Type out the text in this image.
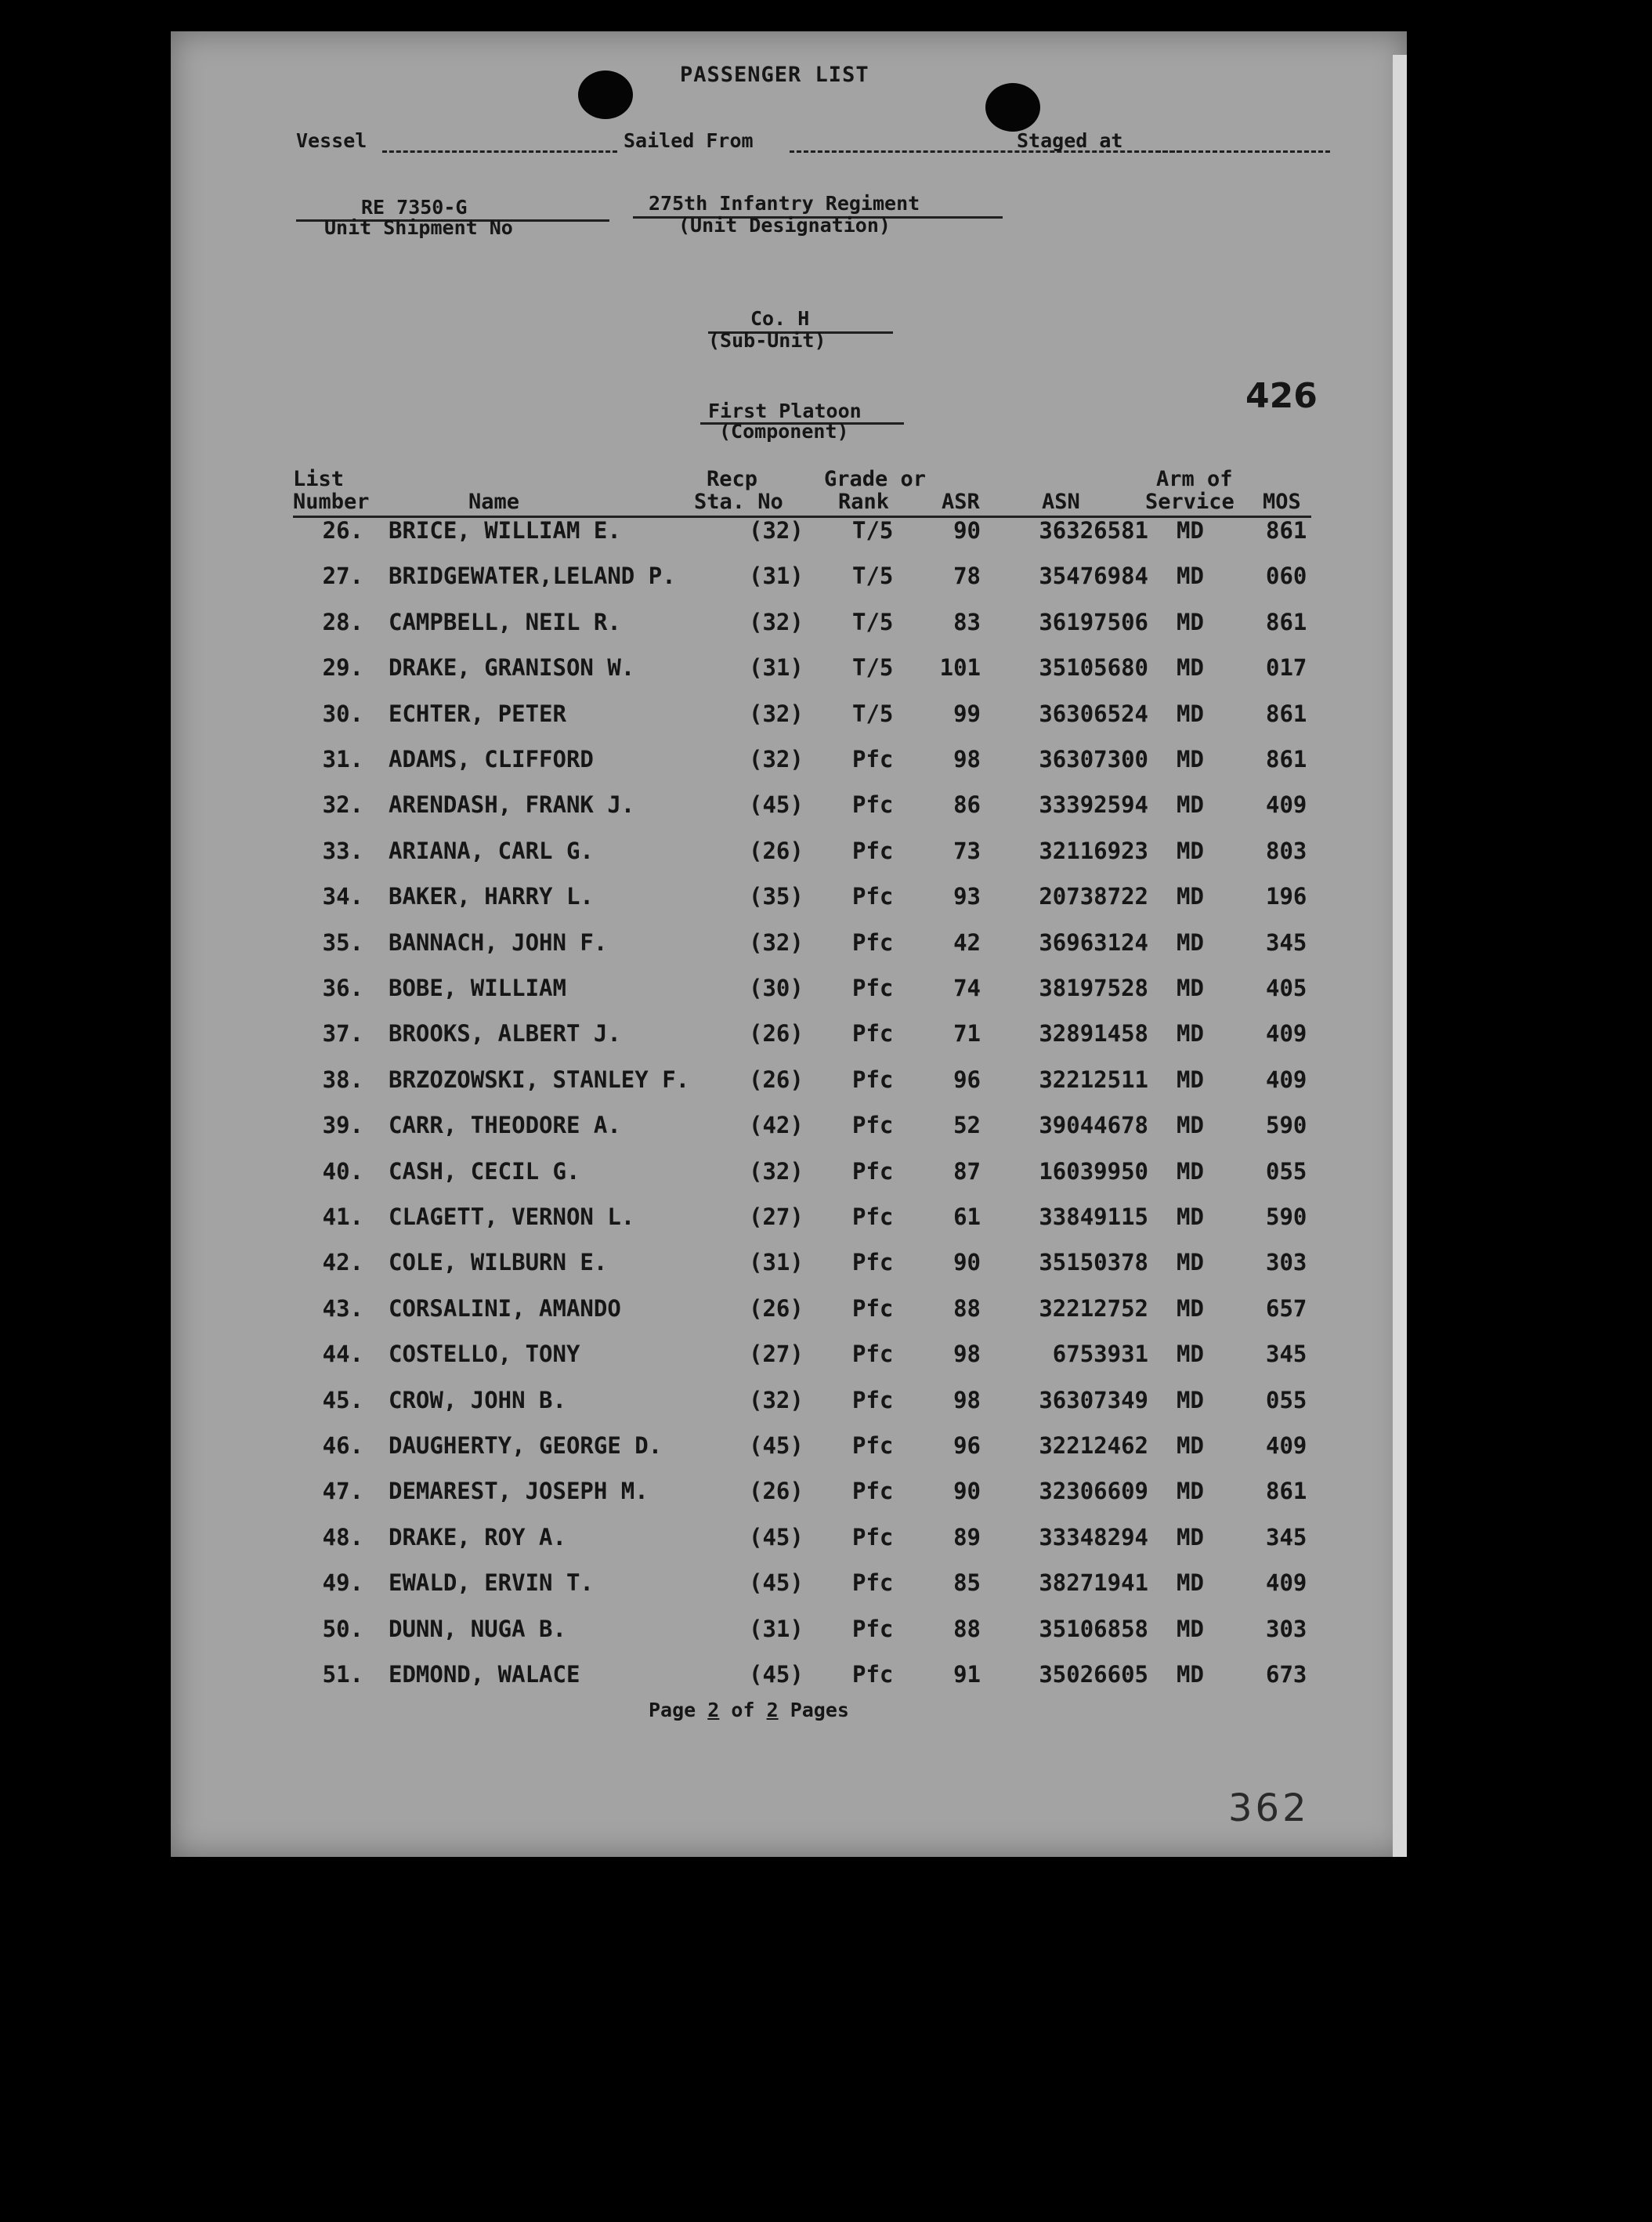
PASSENGER LIST
Vessel	Sailed From	Staged at
RE 7350-G
Unit Shipment No
275th Infantry Regiment
(Unit Designation)
Co. H
(Sub-Unit)
First Platoon
(Component)
426
List
Number	Name
Recp
Sta. No
Grade or
Rank	ASR	ASN
Arm of
Service MOS
26. BRICE, WILLIAM E.	(32) T/5	90	36326581 MD	861
27. BRIDGEWATER,LELAND P.	(31) T/5	78	35476984 MD	060
28. CAMPBELL, NEIL R.	(32) T/5	83	36197506 MD	861
29. DRAKE, GRANISON W.	(31) T/5	101	35105680 MD	017
30. ECHTER, PETER	(32) T/5	99	36306524 MD	861
31. ADAMS, CLIFFORD	(32) Pfc	98	36307300 MD	861
32. ARENDASH, FRANK J.	(45) Pfc	86	33392594 MD	409
33. ARIANA, CARL G.	(26) Pfc	73	32116923 MD	803
34. BAKER, HARRY L.	(35) Pfc	93	20738722 MD	196
35. BANNACH, JOHN F.	(32) Pfc	42	36963124 MD	345
36. BOBE, WILLIAM	(30) Pfc	74	38197528 MD	405
37. BROOKS, ALBERT J.	(26) Pfc	71	32891458 MD	409
38. BRZOZOWSKI, STANLEY F.	(26) Pfc	96	32212511 MD	409
39. CARR, THEODORE A.	(42) Pfc	52	39044678 MD	590
40. CASH, CECIL G.	(32) Pfc	87	16039950 MD	055
41. CLAGETT, VERNON L.	(27) Pfc	61	33849115 MD	590
42. COLE, WILBURN E.	(31) Pfc	90	35150378 MD	303
43. CORSALINI, AMANDO	(26) Pfc	88	32212752 MD	657
44. COSTELLO, TONY	(27) Pfc	98	6753931 MD	345
45. CROW, JOHN B.	(32) Pfc	98	36307349 MD	055
46. DAUGHERTY, GEORGE D.	(45) Pfc	96	32212462 MD	409
47. DEMAREST, JOSEPH M.	(26) Pfc	90	32306609 MD	861
48. DRAKE, ROY A.	(45) Pfc	89	33348294 MD	345
49. EWALD, ERVIN T.	(45) Pfc	85	38271941 MD	409
50. DUNN, NUGA B.	(31) Pfc	88	35106858 MD	303
51. EDMOND, WALACE	(45) Pfc	91	35026605 MD	673
Page 2 of 2 Pages
362
